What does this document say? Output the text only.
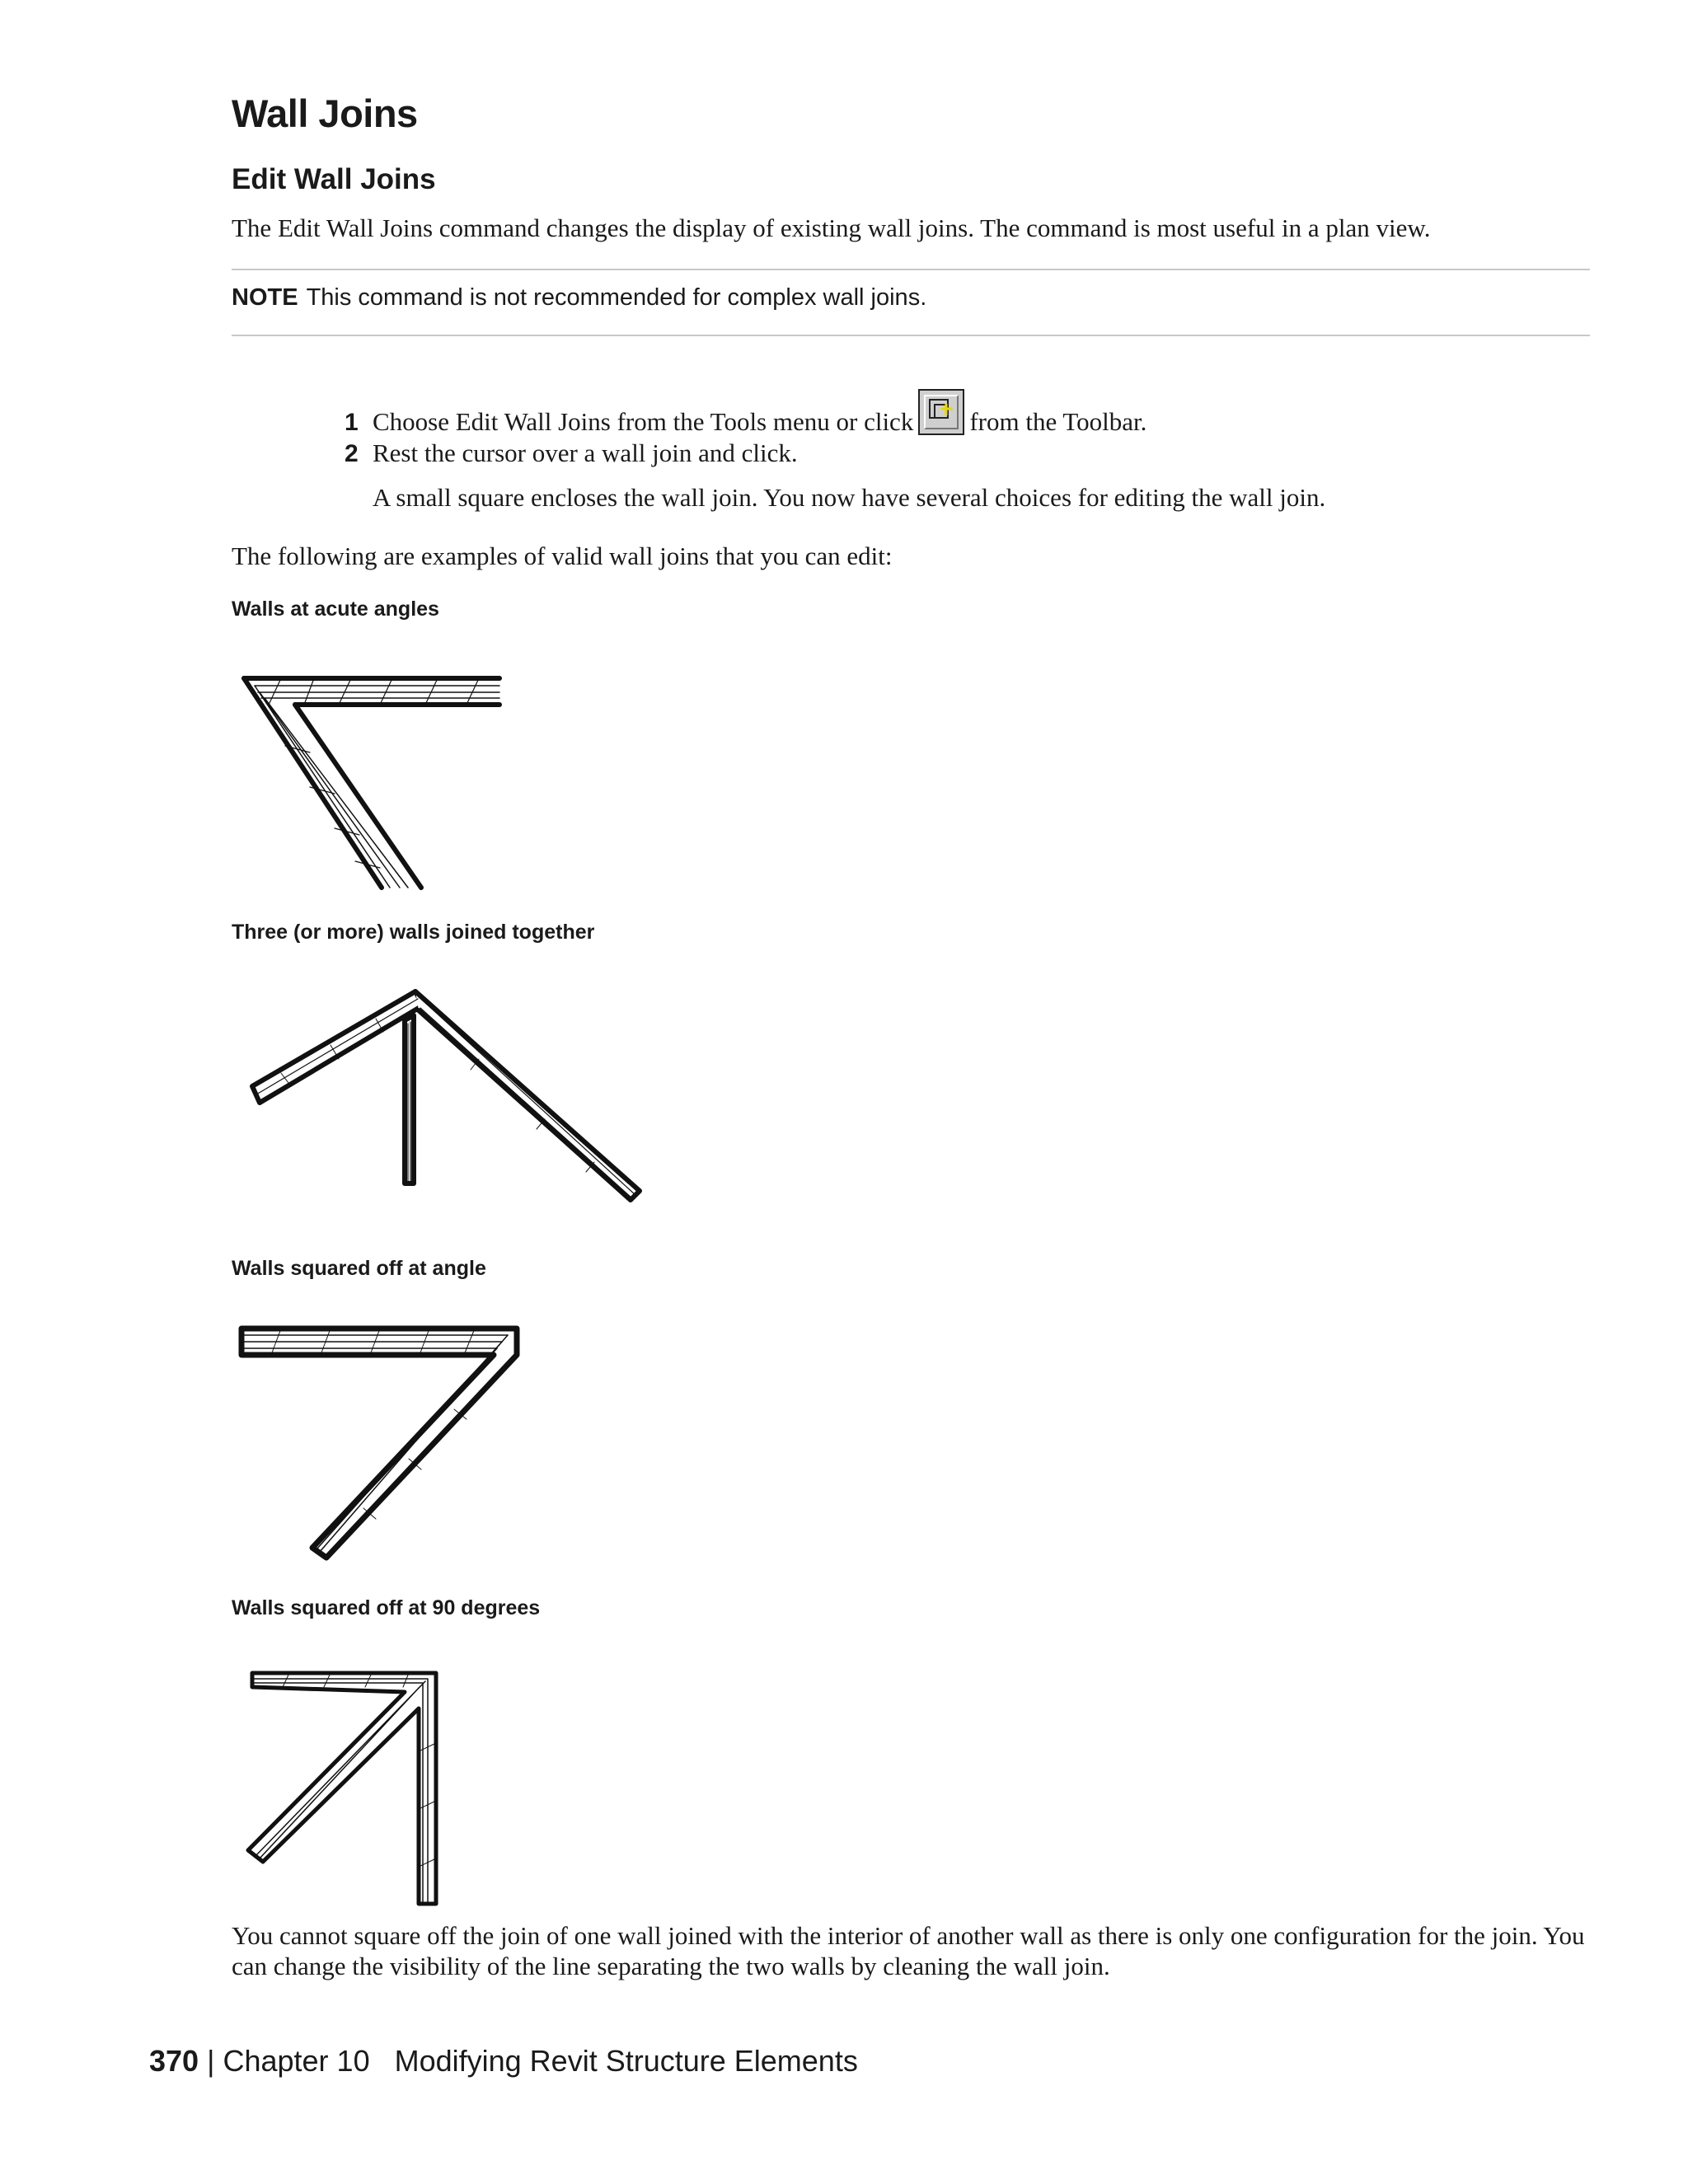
Wall Joins
Edit Wall Joins

The Edit Wall Joins command changes the display of existing wall joins. The command is most useful in a plan view.

NOTE This command is not recommended for complex wall joins.
1 Choose Edit Wall Joins from the Tools menu or click from the Toolbar.
2 Rest the cursor over a wall join and click.
A small square encloses the wall join. You now have several choices for editing the wall join.

The following are examples of valid wall joins that you can edit:

Walls at acute angles
Three (or more) walls joined together
Walls squared off at angle
Walls squared off at 90 degrees

You cannot square off the join of one wall joined with the interior of another wall as there is only one configuration for the join. You can change the visibility of the line separating the two walls by cleaning the wall join.

370 | Chapter 10 Modifying Revit Structure Elements
